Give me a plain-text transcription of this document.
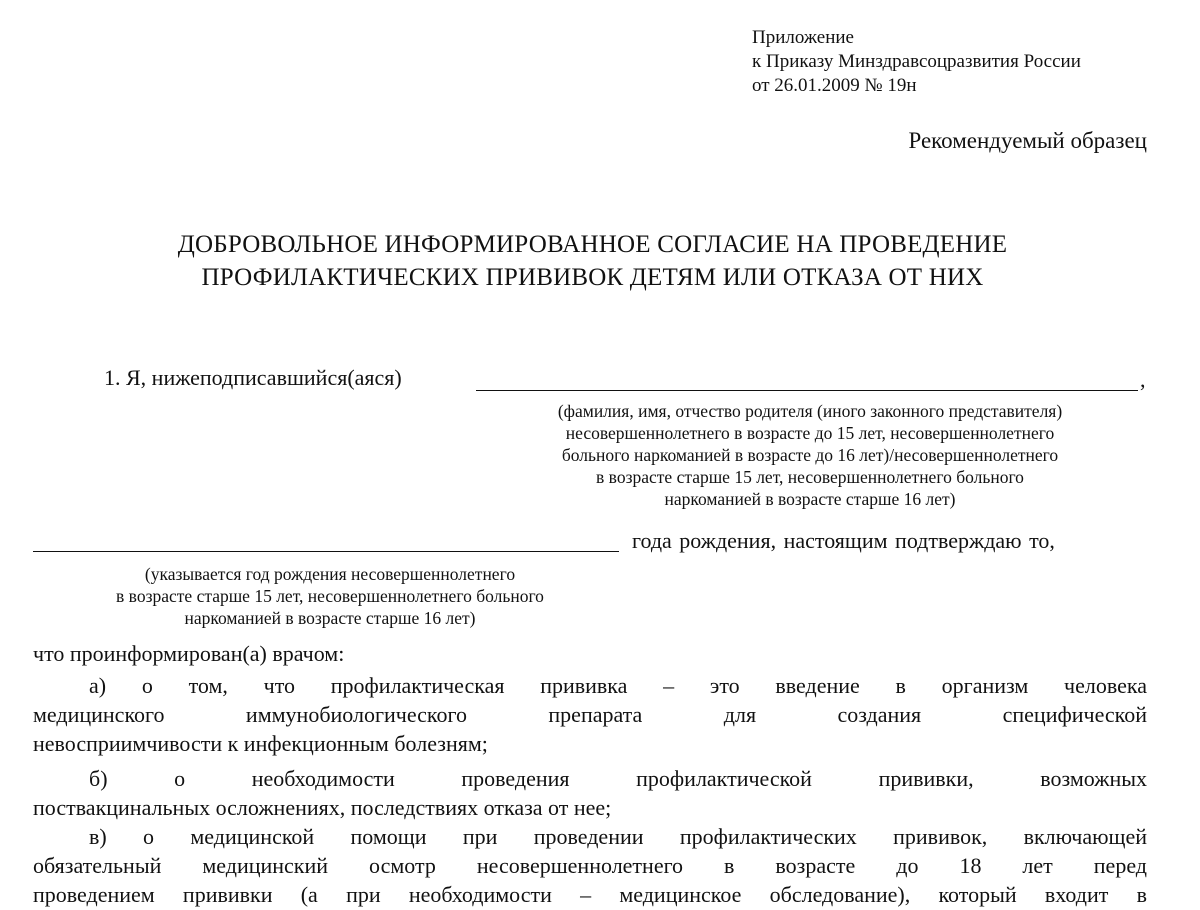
Приложение
к Приказу Минздравсоцразвития России
от 26.01.2009 № 19н
Рекомендуемый образец
ДОБРОВОЛЬНОЕ ИНФОРМИРОВАННОЕ СОГЛАСИЕ НА ПРОВЕДЕНИЕ
ПРОФИЛАКТИЧЕСКИХ ПРИВИВОК ДЕТЯМ ИЛИ ОТКАЗА ОТ НИХ
1. Я, нижеподписавшийся(аяся)	,
(фамилия, имя, отчество родителя (иного законного представителя)
несовершеннолетнего в возрасте до 15 лет, несовершеннолетнего
больного наркоманией в возрасте до 16 лет)/несовершеннолетнего
в возрасте старше 15 лет, несовершеннолетнего больного
наркоманией в возрасте старше 16 лет)
года рождения, настоящим подтверждаю то,
(указывается год рождения несовершеннолетнего
в возрасте старше 15 лет, несовершеннолетнего больного
наркоманией в возрасте старше 16 лет)
что проинформирован(а) врачом:
а) о том, что профилактическая прививка – это введение в организм человека
медицинского иммунобиологического препарата для создания специфической
невосприимчивости к инфекционным болезням;
б) о необходимости проведения профилактической прививки, возможных
поствакцинальных осложнениях, последствиях отказа от нее;
в) о медицинской помощи при проведении профилактических прививок, включающей
обязательный медицинский осмотр несовершеннолетнего в возрасте до 18 лет перед
проведением прививки (а при необходимости – медицинское обследование), который входит в
